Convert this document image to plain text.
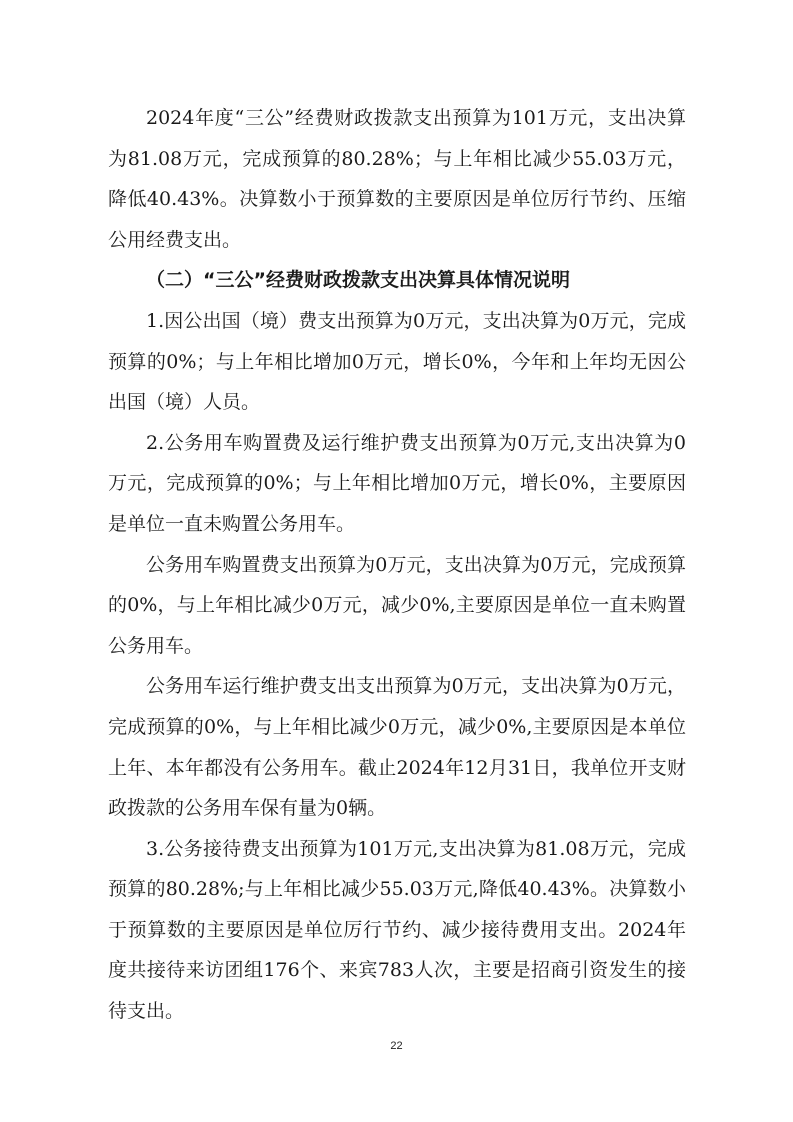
2024年度“三公”经费财政拨款支出预算为101万元，支出决算为81.08万元，完成预算的80.28%；与上年相比减少55.03万元，降低40.43%。决算数小于预算数的主要原因是单位厉行节约、压缩公用经费支出。

（二）“三公”经费财政拨款支出决算具体情况说明

1.因公出国（境）费支出预算为0万元，支出决算为0万元，完成预算的0%；与上年相比增加0万元，增长0%，今年和上年均无因公出国（境）人员。

2.公务用车购置费及运行维护费支出预算为0万元,支出决算为0万元，完成预算的0%；与上年相比增加0万元，增长0%，主要原因是单位一直未购置公务用车。

公务用车购置费支出预算为0万元，支出决算为0万元，完成预算的0%，与上年相比减少0万元，减少0%,主要原因是单位一直未购置公务用车。

公务用车运行维护费支出支出预算为0万元，支出决算为0万元，完成预算的0%，与上年相比减少0万元，减少0%,主要原因是本单位上年、本年都没有公务用车。截止2024年12月31日，我单位开支财政拨款的公务用车保有量为0辆。

3.公务接待费支出预算为101万元,支出决算为81.08万元，完成预算的80.28%;与上年相比减少55.03万元,降低40.43%。决算数小于预算数的主要原因是单位厉行节约、减少接待费用支出。2024年度共接待来访团组176个、来宾783人次，主要是招商引资发生的接待支出。

22
